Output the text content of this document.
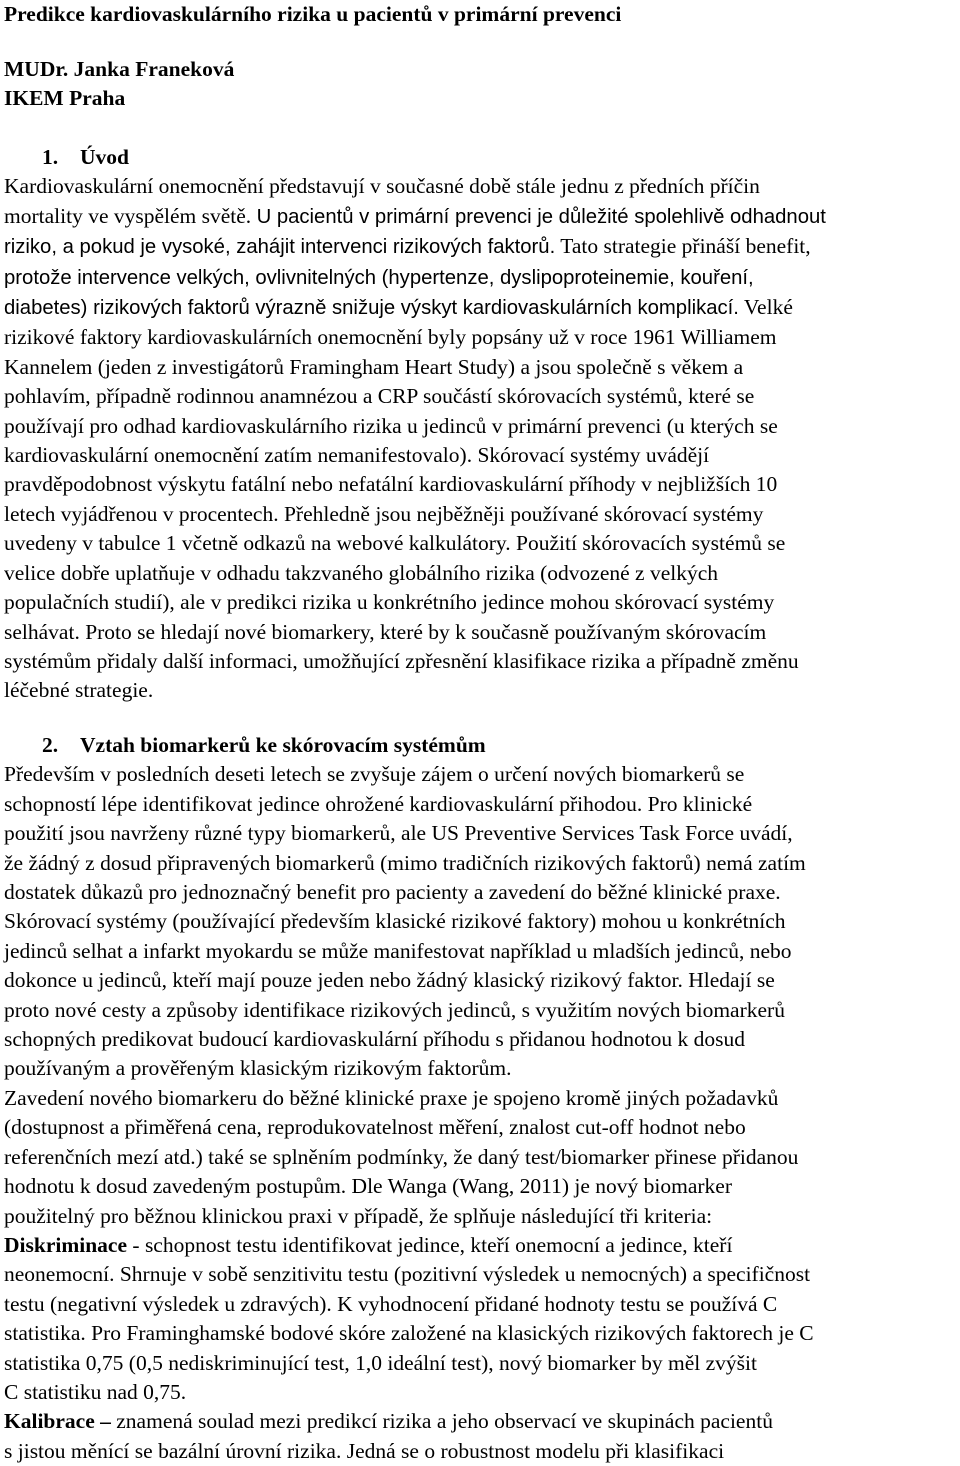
Predikce kardiovaskulárního rizika u pacientů v primární prevenci
MUDr. Janka Franeková
IKEM Praha
1. Úvod
Kardiovaskulární onemocnění představují v současné době stále jednu z předních příčin
mortality ve vyspělém světě. U pacientů v primární prevenci je důležité spolehlivě odhadnout
riziko, a pokud je vysoké, zahájit intervenci rizikových faktorů. Tato strategie přináší benefit,
protože intervence velkých, ovlivnitelných (hypertenze, dyslipoproteinemie, kouření,
diabetes) rizikových faktorů výrazně snižuje výskyt kardiovaskulárních komplikací. Velké
rizikové faktory kardiovaskulárních onemocnění byly popsány už v roce 1961 Williamem
Kannelem (jeden z investigátorů Framingham Heart Study) a jsou společně s věkem a
pohlavím, případně rodinnou anamnézou a CRP součástí skórovacích systémů, které se
používají pro odhad kardiovaskulárního rizika u jedinců v primární prevenci (u kterých se
kardiovaskulární onemocnění zatím nemanifestovalo). Skórovací systémy uvádějí
pravděpodobnost výskytu fatální nebo nefatální kardiovaskulární příhody v nejbližších 10
letech vyjádřenou v procentech. Přehledně jsou nejběžněji používané skórovací systémy
uvedeny v tabulce 1 včetně odkazů na webové kalkulátory. Použití skórovacích systémů se
velice dobře uplatňuje v odhadu takzvaného globálního rizika (odvozené z velkých
populačních studií), ale v predikci rizika u konkrétního jedince mohou skórovací systémy
selhávat. Proto se hledají nové biomarkery, které by k současně používaným skórovacím
systémům přidaly další informaci, umožňující zpřesnění klasifikace rizika a případně změnu
léčebné strategie.
2. Vztah biomarkerů ke skórovacím systémům
Především v posledních deseti letech se zvyšuje zájem o určení nových biomarkerů se
schopností lépe identifikovat jedince ohrožené kardiovaskulární přihodou. Pro klinické
použití jsou navrženy různé typy biomarkerů, ale US Preventive Services Task Force uvádí,
že žádný z dosud připravených biomarkerů (mimo tradičních rizikových faktorů) nemá zatím
dostatek důkazů pro jednoznačný benefit pro pacienty a zavedení do běžné klinické praxe.
Skórovací systémy (používající především klasické rizikové faktory) mohou u konkrétních
jedinců selhat a infarkt myokardu se může manifestovat například u mladších jedinců, nebo
dokonce u jedinců, kteří mají pouze jeden nebo žádný klasický rizikový faktor. Hledají se
proto nové cesty a způsoby identifikace rizikových jedinců, s využitím nových biomarkerů
schopných predikovat budoucí kardiovaskulární příhodu s přidanou hodnotou k dosud
používaným a prověřeným klasickým rizikovým faktorům.
Zavedení nového biomarkeru do běžné klinické praxe je spojeno kromě jiných požadavků
(dostupnost a přiměřená cena, reprodukovatelnost měření, znalost cut-off hodnot nebo
referenčních mezí atd.) také se splněním podmínky, že daný test/biomarker přinese přidanou
hodnotu k dosud zavedeným postupům. Dle Wanga (Wang, 2011) je nový biomarker
použitelný pro běžnou klinickou praxi v případě, že splňuje následující tři kriteria:
Diskriminace - schopnost testu identifikovat jedince, kteří onemocní a jedince, kteří
neonemocní. Shrnuje v sobě senzitivitu testu (pozitivní výsledek u nemocných) a specifičnost
testu (negativní výsledek u zdravých). K vyhodnocení přidané hodnoty testu se používá C
statistika. Pro Framinghamské bodové skóre založené na klasických rizikových faktorech je C
statistika 0,75 (0,5 nediskriminující test, 1,0 ideální test), nový biomarker by měl zvýšit
C statistiku nad 0,75.
Kalibrace – znamená soulad mezi predikcí rizika a jeho observací ve skupinách pacientů
s jistou měnící se bazální úrovní rizika. Jedná se o robustnost modelu při klasifikaci
